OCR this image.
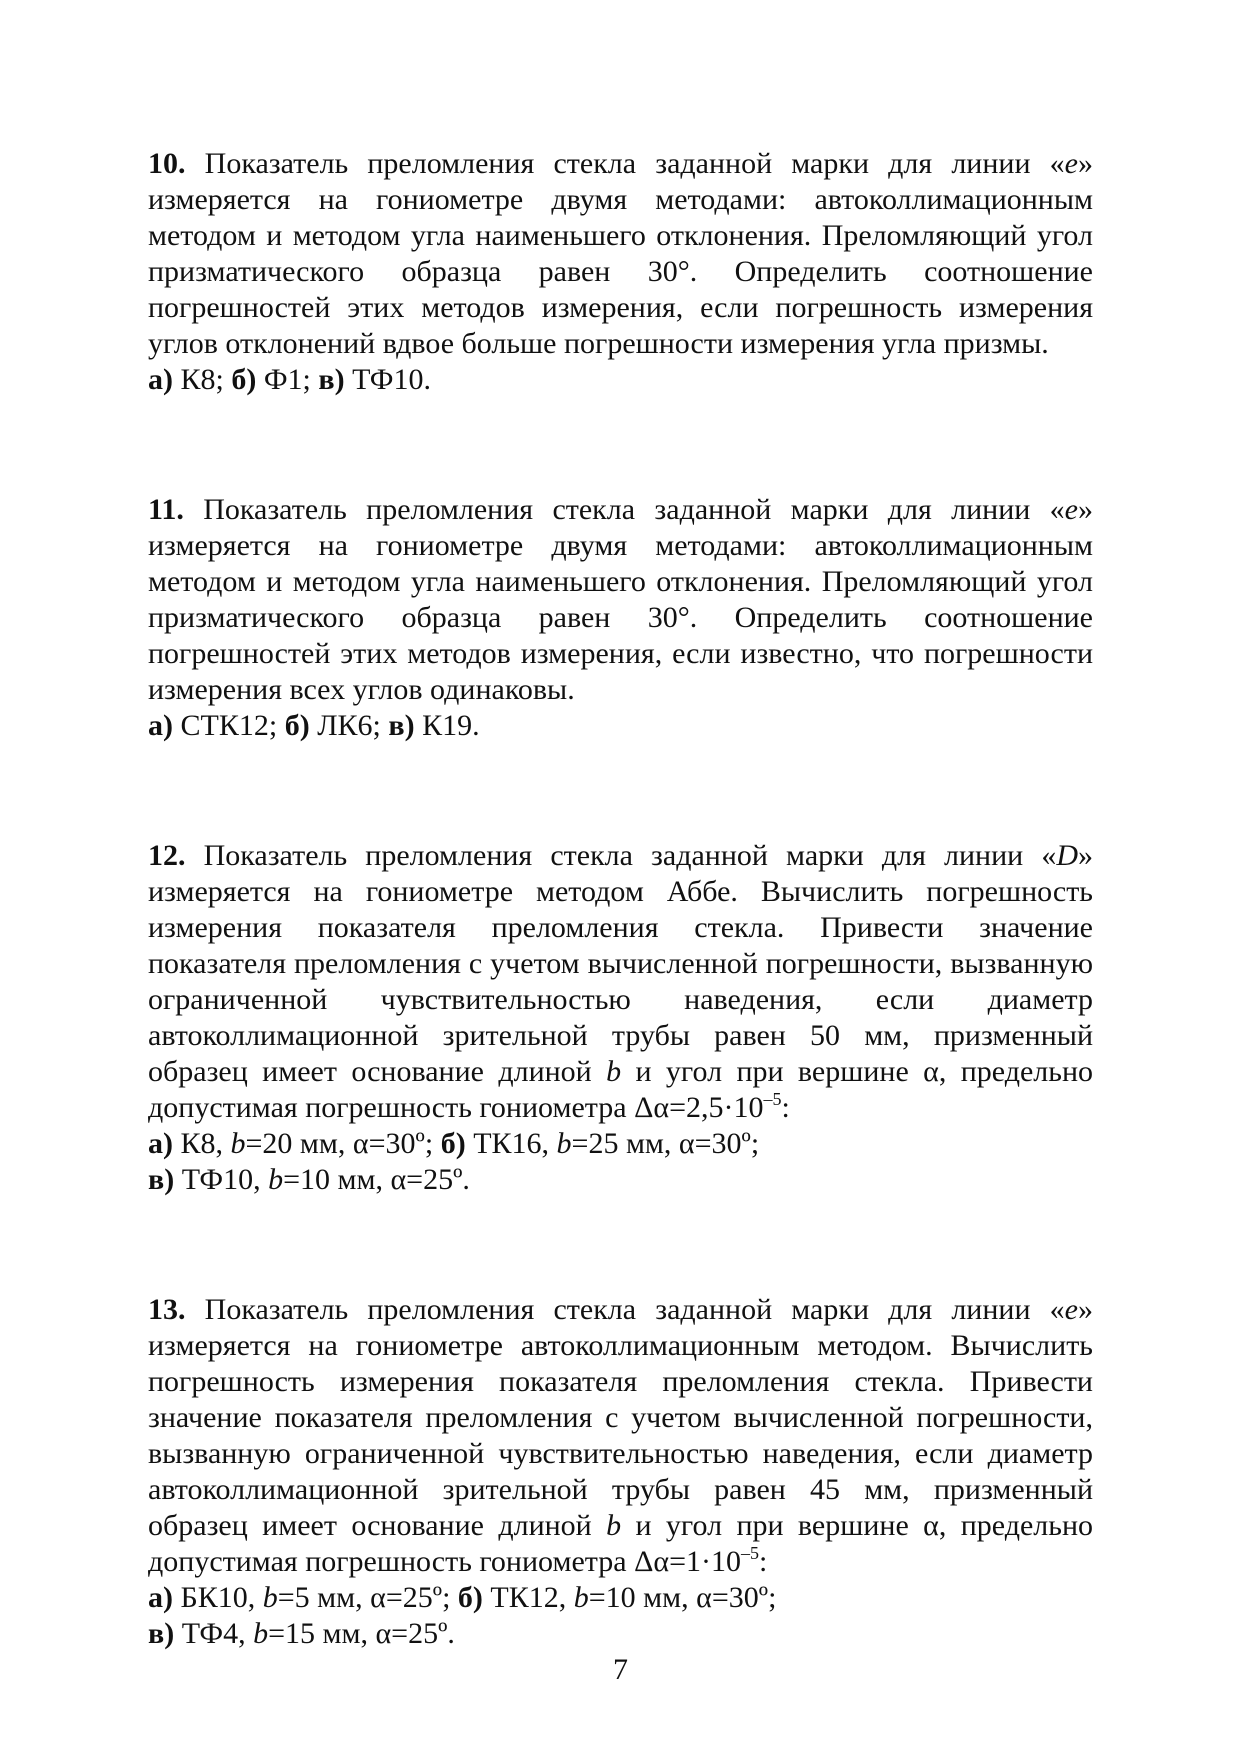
10. Показатель преломления стекла заданной марки для линии «e» измеряется на гониометре двумя методами: автоколлимационным методом и методом угла наименьшего отклонения. Преломляющий угол призматического образца равен 30°. Определить соотношение погрешностей этих методов измерения, если погрешность измерения углов отклонений вдвое больше погрешности измерения угла призмы.

а) К8; б) Ф1; в) ТФ10.

11. Показатель преломления стекла заданной марки для линии «e» измеряется на гониометре двумя методами: автоколлимационным методом и методом угла наименьшего отклонения. Преломляющий угол призматического образца равен 30°. Определить соотношение погрешностей этих методов измерения, если известно, что погрешности измерения всех углов одинаковы.

а) СТК12; б) ЛК6; в) К19.

12. Показатель преломления стекла заданной марки для линии «D» измеряется на гониометре методом Аббе. Вычислить погрешность измерения показателя преломления стекла. Привести значение показателя преломления с учетом вычисленной погрешности, вызванную ограниченной чувствительностью наведения, если диаметр автоколлимационной зрительной трубы равен 50 мм, призменный образец имеет основание длиной b и угол при вершине α, предельно допустимая погрешность гониометра $\Delta\alpha=2,5\cdot 10^{-5}$:

а) К8, b=20 мм, α=30º; б) ТК16, b=25 мм, α=30º;
в) ТФ10, b=10 мм, α=25º.

13. Показатель преломления стекла заданной марки для линии «e» измеряется на гониометре автоколлимационным методом. Вычислить погрешность измерения показателя преломления стекла. Привести значение показателя преломления с учетом вычисленной погрешности, вызванную ограниченной чувствительностью наведения, если диаметр автоколлимационной зрительной трубы равен 45 мм, призменный образец имеет основание длиной b и угол при вершине α, предельно допустимая погрешность гониометра $\Delta\alpha=1\cdot 10^{-5}$:

а) БК10, b=5 мм, α=25º; б) ТК12, b=10 мм, α=30º;
в) ТФ4, b=15 мм, α=25º.

7
